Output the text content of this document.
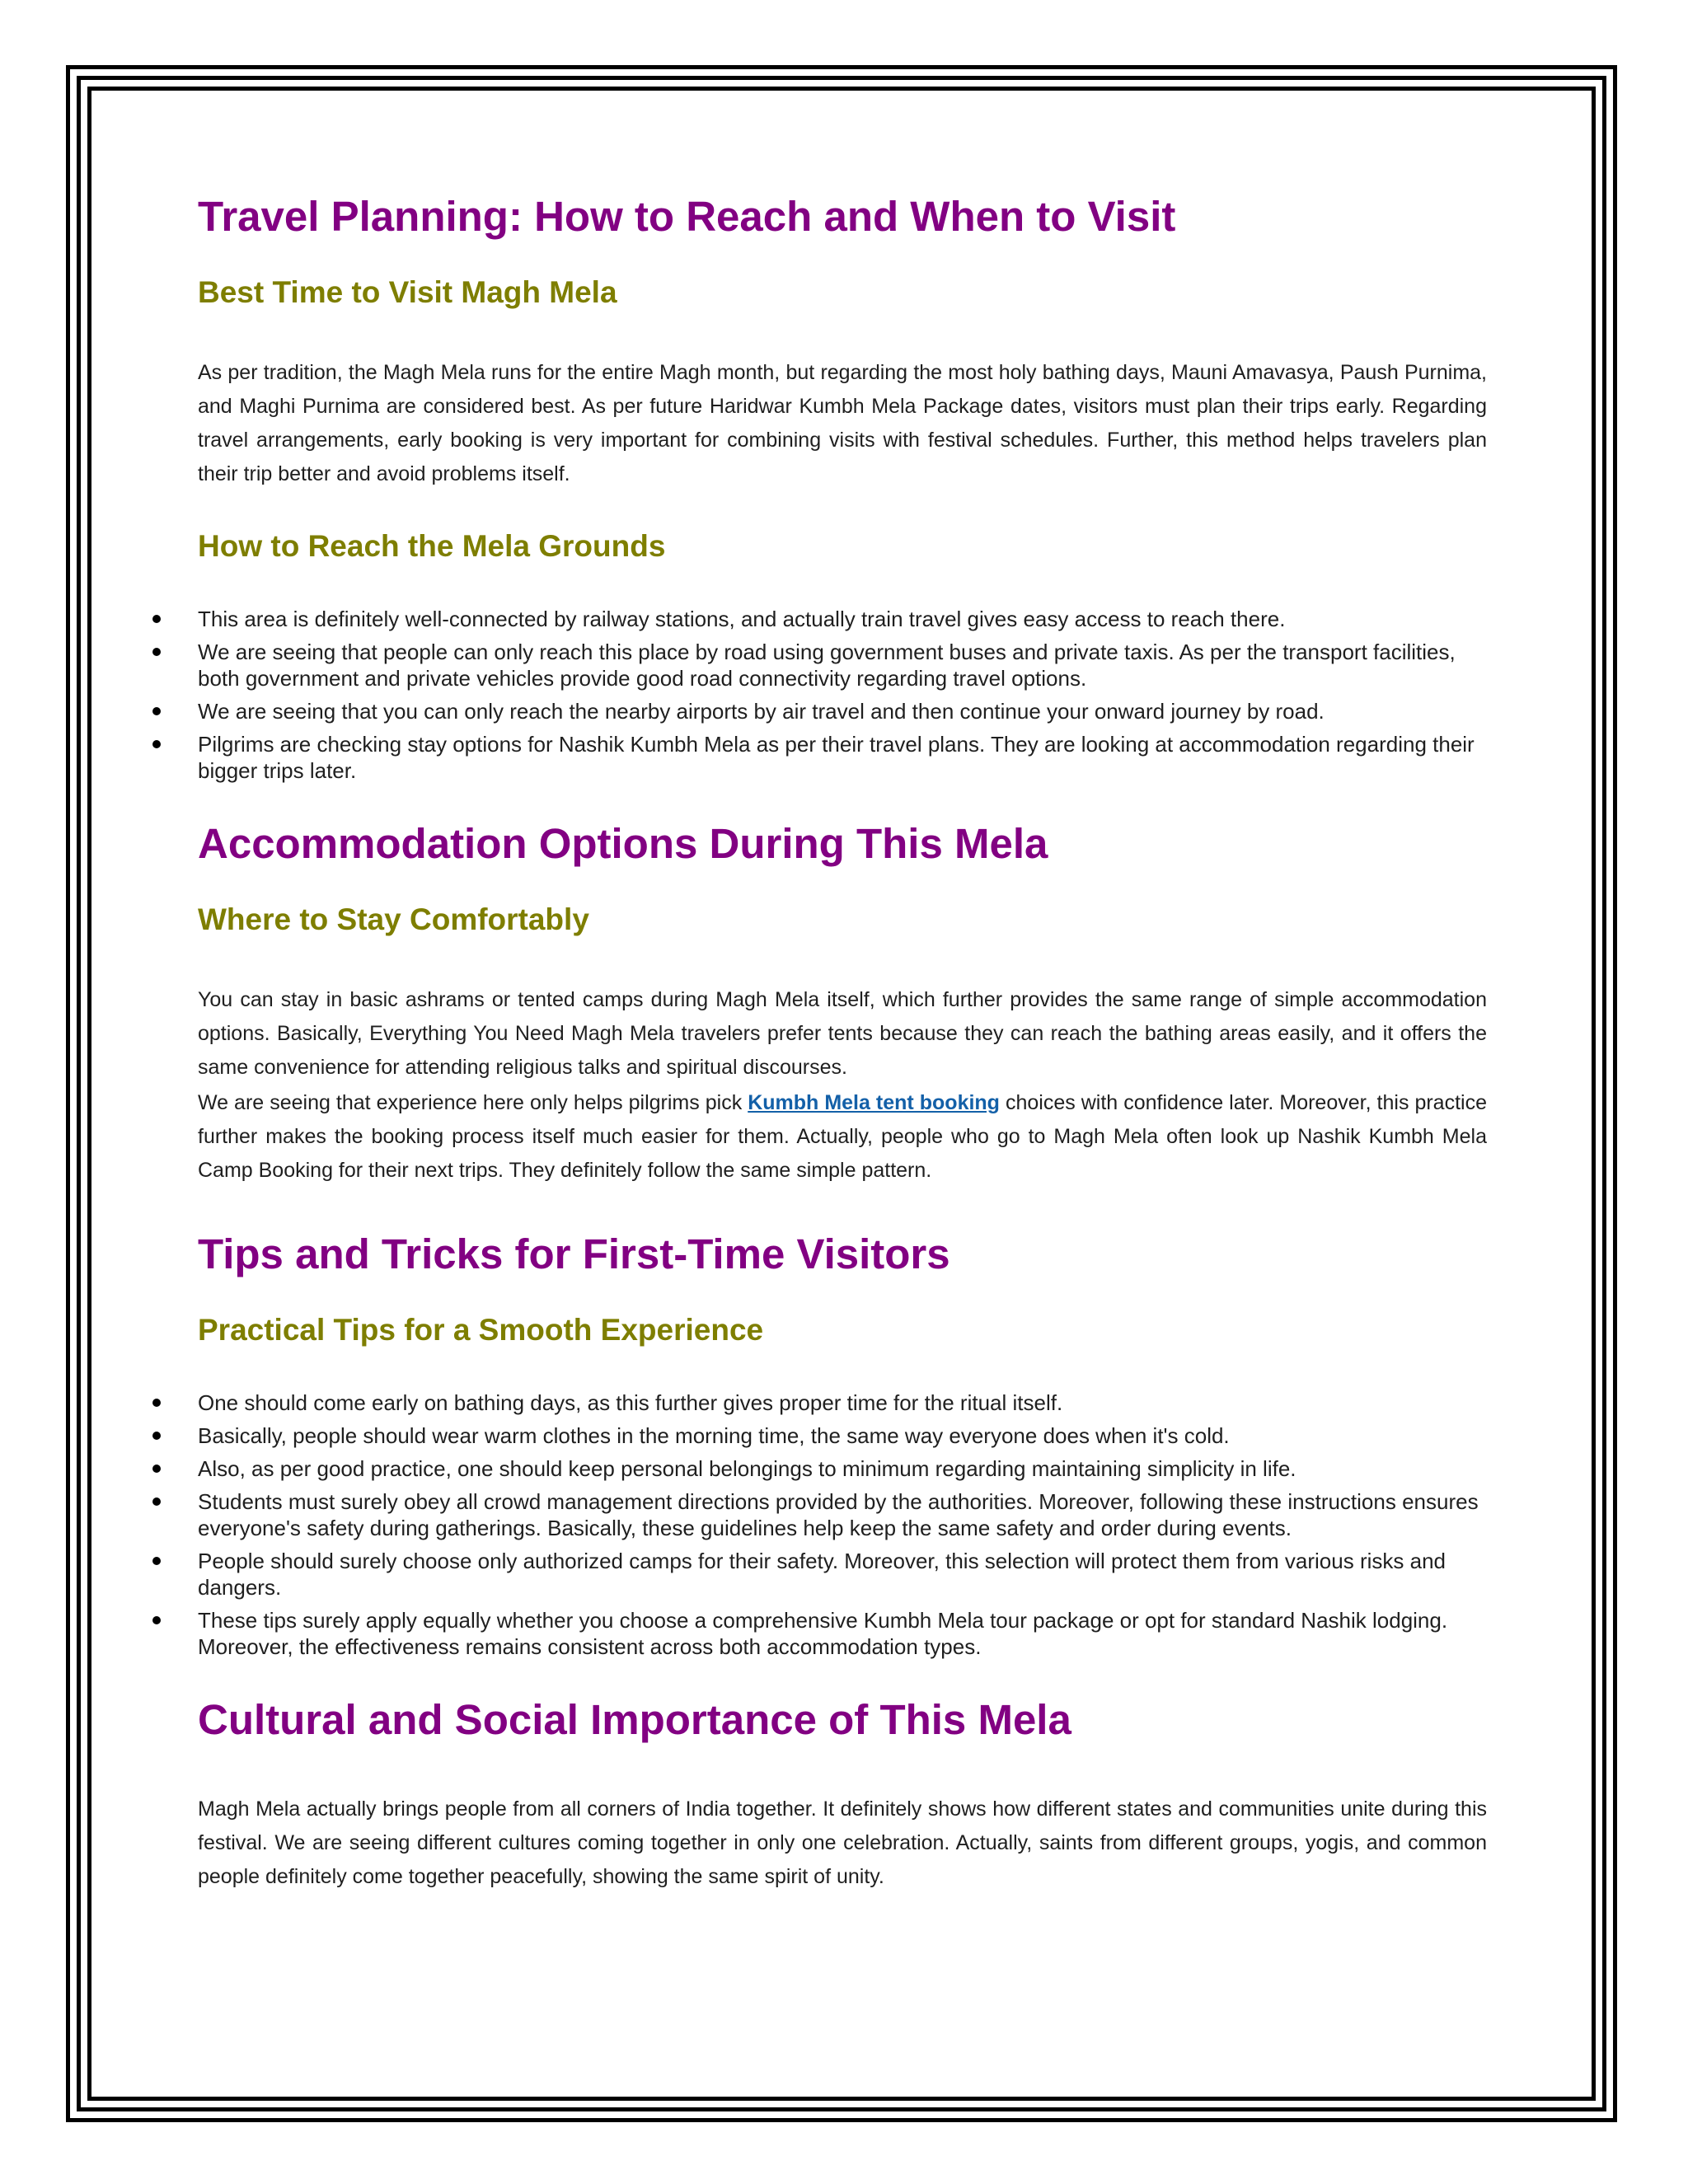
Travel Planning: How to Reach and When to Visit
Best Time to Visit Magh Mela

As per tradition, the Magh Mela runs for the entire Magh month, but regarding the most holy bathing days, Mauni Amavasya, Paush Purnima, and Maghi Purnima are considered best. As per future Haridwar Kumbh Mela Package dates, visitors must plan their trips early. Regarding travel arrangements, early booking is very important for combining visits with festival schedules. Further, this method helps travelers plan their trip better and avoid problems itself.

How to Reach the Mela Grounds
This area is definitely well-connected by railway stations, and actually train travel gives easy access to reach there.
We are seeing that people can only reach this place by road using government buses and private taxis. As per the transport facilities, both government and private vehicles provide good road connectivity regarding travel options.
We are seeing that you can only reach the nearby airports by air travel and then continue your onward journey by road.
Pilgrims are checking stay options for Nashik Kumbh Mela as per their travel plans. They are looking at accommodation regarding their bigger trips later.
Accommodation Options During This Mela
Where to Stay Comfortably

You can stay in basic ashrams or tented camps during Magh Mela itself, which further provides the same range of simple accommodation options. Basically, Everything You Need Magh Mela travelers prefer tents because they can reach the bathing areas easily, and it offers the same convenience for attending religious talks and spiritual discourses.

We are seeing that experience here only helps pilgrims pick Kumbh Mela tent booking choices with confidence later. Moreover, this practice further makes the booking process itself much easier for them. Actually, people who go to Magh Mela often look up Nashik Kumbh Mela Camp Booking for their next trips. They definitely follow the same simple pattern.

Tips and Tricks for First-Time Visitors
Practical Tips for a Smooth Experience
One should come early on bathing days, as this further gives proper time for the ritual itself.
Basically, people should wear warm clothes in the morning time, the same way everyone does when it's cold.
Also, as per good practice, one should keep personal belongings to minimum regarding maintaining simplicity in life.
Students must surely obey all crowd management directions provided by the authorities. Moreover, following these instructions ensures everyone's safety during gatherings. Basically, these guidelines help keep the same safety and order during events.
People should surely choose only authorized camps for their safety. Moreover, this selection will protect them from various risks and dangers.
These tips surely apply equally whether you choose a comprehensive Kumbh Mela tour package or opt for standard Nashik lodging. Moreover, the effectiveness remains consistent across both accommodation types.
Cultural and Social Importance of This Mela

Magh Mela actually brings people from all corners of India together. It definitely shows how different states and communities unite during this festival. We are seeing different cultures coming together in only one celebration. Actually, saints from different groups, yogis, and common people definitely come together peacefully, showing the same spirit of unity.
